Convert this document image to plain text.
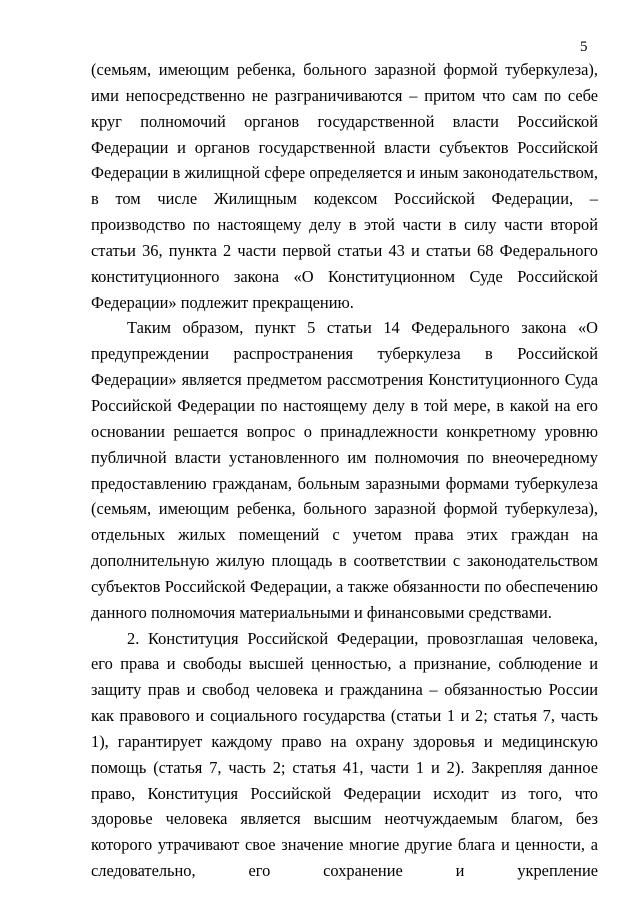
5

(семьям, имеющим ребенка, больного заразной формой туберкулеза), ими непосредственно не разграничиваются – притом что сам по себе круг полномочий органов государственной власти Российской Федерации и органов государственной власти субъектов Российской Федерации в жилищной сфере определяется и иным законодательством, в том числе Жилищным кодексом Российской Федерации, – производство по настоящему делу в этой части в силу части второй статьи 36, пункта 2 части первой статьи 43 и статьи 68 Федерального конституционного закона «О Конституционном Суде Российской Федерации» подлежит прекращению.

Таким образом, пункт 5 статьи 14 Федерального закона «О предупреждении распространения туберкулеза в Российской Федерации» является предметом рассмотрения Конституционного Суда Российской Федерации по настоящему делу в той мере, в какой на его основании решается вопрос о принадлежности конкретному уровню публичной власти установленного им полномочия по внеочередному предоставлению гражданам, больным заразными формами туберкулеза (семьям, имеющим ребенка, больного заразной формой туберкулеза), отдельных жилых помещений с учетом права этих граждан на дополнительную жилую площадь в соответствии с законодательством субъектов Российской Федерации, а также обязанности по обеспечению данного полномочия материальными и финансовыми средствами.

2. Конституция Российской Федерации, провозглашая человека, его права и свободы высшей ценностью, а признание, соблюдение и защиту прав и свобод человека и гражданина – обязанностью России как правового и социального государства (статьи 1 и 2; статья 7, часть 1), гарантирует каждому право на охрану здоровья и медицинскую помощь (статья 7, часть 2; статья 41, части 1 и 2). Закрепляя данное право, Конституция Российской Федерации исходит из того, что здоровье человека является высшим неотчуждаемым благом, без которого утрачивают свое значение многие другие блага и ценности, а следовательно, его сохранение и укрепление
